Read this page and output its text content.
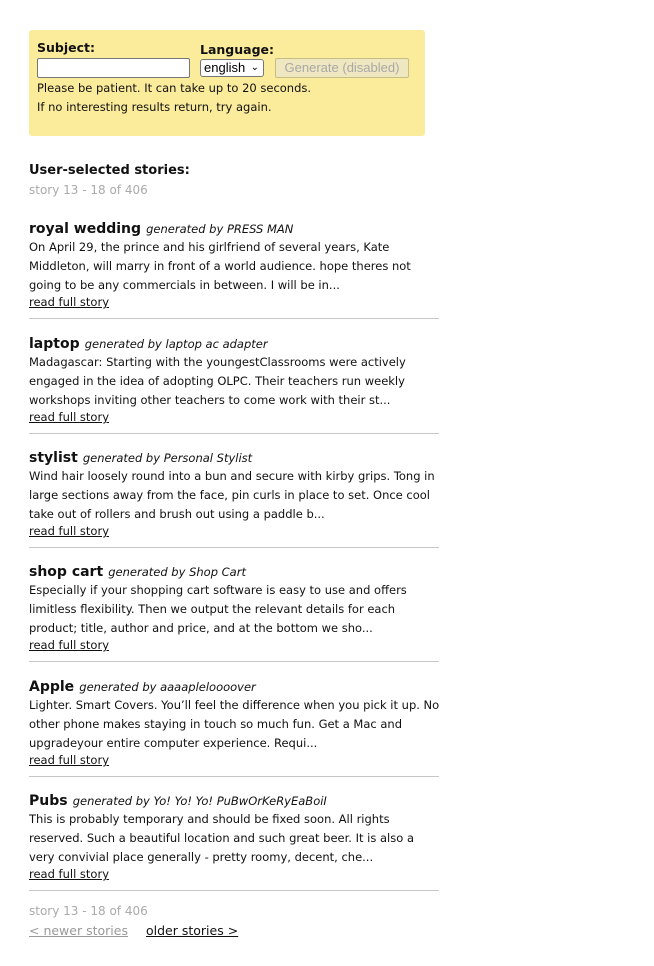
Subject:	Language:
english ⌄	Generate (disabled)
Please be patient. It can take up to 20 seconds.
If no interesting results return, try again.
User-selected stories:
story 13 - 18 of 406
royal wedding generated by PRESS MAN
On April 29, the prince and his girlfriend of several years, Kate Middleton, will marry in front of a world audience. hope theres not going to be any commercials in between. I will be in...
read full story
laptop generated by laptop ac adapter
Madagascar: Starting with the youngestClassrooms were actively engaged in the idea of adopting OLPC. Their teachers run weekly workshops inviting other teachers to come work with their st...
read full story
stylist generated by Personal Stylist
Wind hair loosely round into a bun and secure with kirby grips. Tong in large sections away from the face, pin curls in place to set. Once cool take out of rollers and brush out using a paddle b...
read full story
shop cart generated by Shop Cart
Especially if your shopping cart software is easy to use and offers limitless flexibility. Then we output the relevant details for each product; title, author and price, and at the bottom we sho...
read full story
Apple generated by aaaapleloooover
Lighter. Smart Covers. You’ll feel the difference when you pick it up. No other phone makes staying in touch so much fun. Get a Mac and upgradeyour entire computer experience. Requi...
read full story
Pubs generated by Yo! Yo! Yo! PuBwOrKeRyEaBoiI
This is probably temporary and should be fixed soon. All rights reserved. Such a beautiful location and such great beer. It is also a very convivial place generally - pretty roomy, decent, che...
read full story
story 13 - 18 of 406
< newer stories older stories >
